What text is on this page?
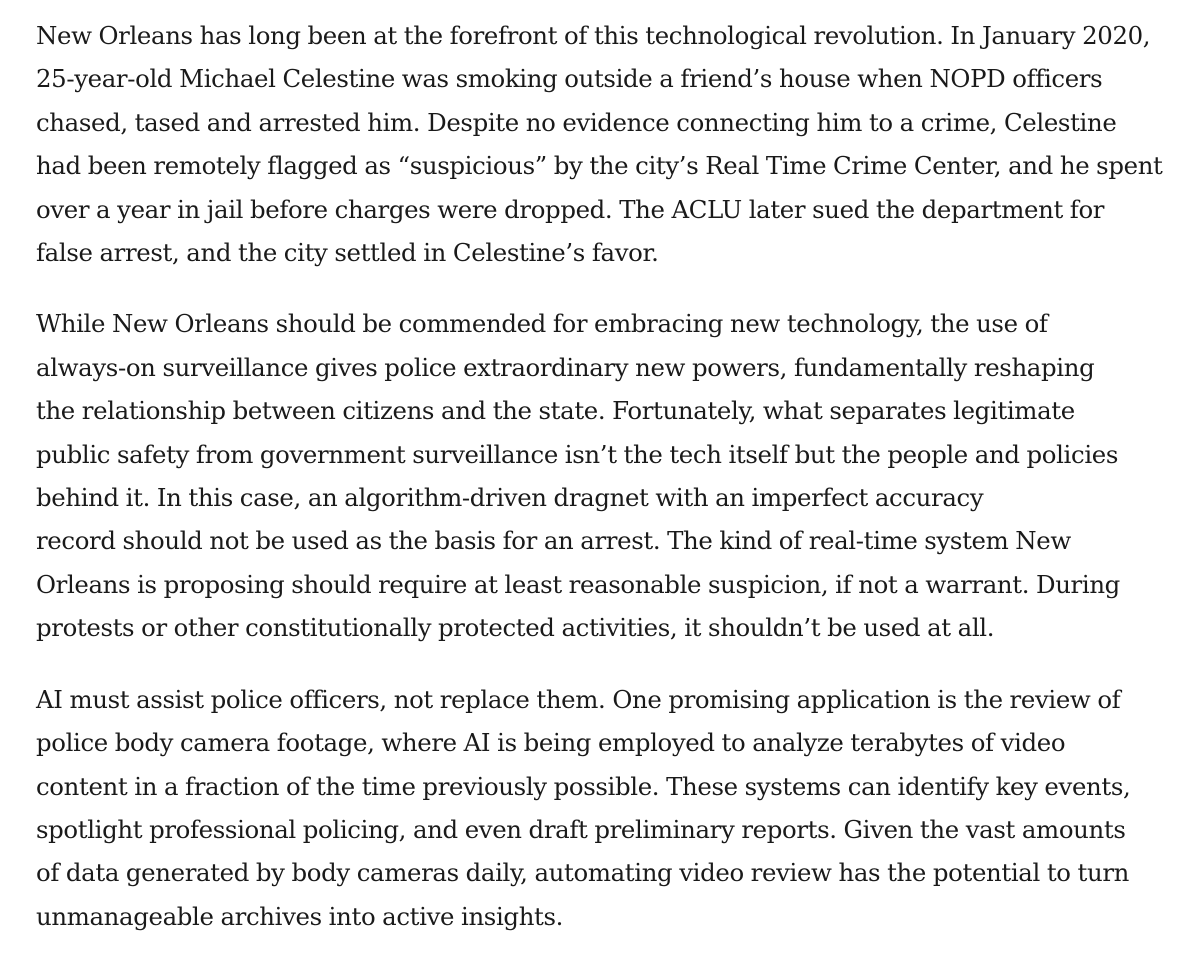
New Orleans has long been at the forefront of this technological revolution. In January 2020,
25-year-old Michael Celestine was smoking outside a friend’s house when NOPD officers
chased, tased and arrested him. Despite no evidence connecting him to a crime, Celestine
had been remotely flagged as “suspicious” by the city’s Real Time Crime Center, and he spent
over a year in jail before charges were dropped. The ACLU later sued the department for
false arrest, and the city settled in Celestine’s favor.

While New Orleans should be commended for embracing new technology, the use of
always-on surveillance gives police extraordinary new powers, fundamentally reshaping
the relationship between citizens and the state. Fortunately, what separates legitimate
public safety from government surveillance isn’t the tech itself but the people and policies
behind it. In this case, an algorithm-driven dragnet with an imperfect accuracy
record should not be used as the basis for an arrest. The kind of real-time system New
Orleans is proposing should require at least reasonable suspicion, if not a warrant. During
protests or other constitutionally protected activities, it shouldn’t be used at all.

AI must assist police officers, not replace them. One promising application is the review of
police body camera footage, where AI is being employed to analyze terabytes of video
content in a fraction of the time previously possible. These systems can identify key events,
spotlight professional policing, and even draft preliminary reports. Given the vast amounts
of data generated by body cameras daily, automating video review has the potential to turn
unmanageable archives into active insights.
